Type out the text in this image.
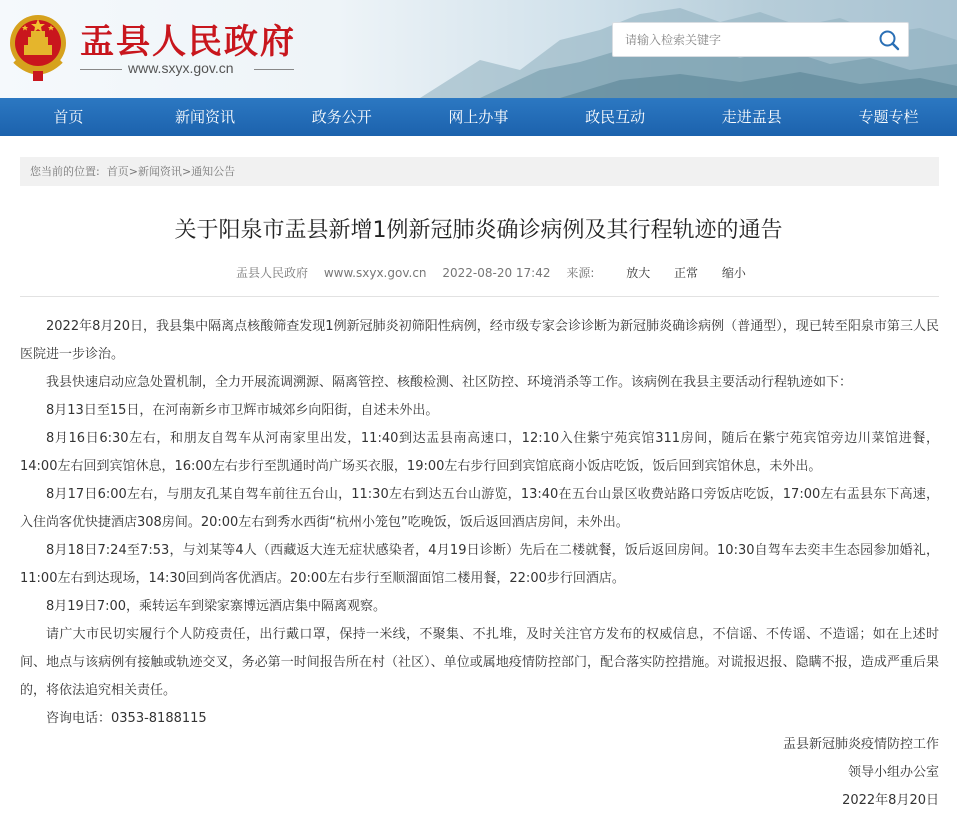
盂县人民政府
www.sxyx.gov.cn
请输入检索关键字
首页	新闻资讯	政务公开	网上办事	政民互动	走进盂县	专题专栏
您当前的位置: 首页>新闻资讯>通知公告
关于阳泉市盂县新增1例新冠肺炎确诊病例及其行程轨迹的通告
盂县人民政府 www.sxyx.gov.cn 2022-08-20 17:42 来源:	放大 正常 缩小

2022年8月20日，我县集中隔离点核酸筛查发现1例新冠肺炎初筛阳性病例，经市级专家会诊诊断为新冠肺炎确诊病例（普通型），现已转至阳泉市第三人民医院进一步诊治。

我县快速启动应急处置机制，全力开展流调溯源、隔离管控、核酸检测、社区防控、环境消杀等工作。该病例在我县主要活动行程轨迹如下：

8月13日至15日，在河南新乡市卫辉市城郊乡向阳街，自述未外出。

8月16日6:30左右，和朋友自驾车从河南家里出发，11:40到达盂县南高速口，12:10入住紫宁苑宾馆311房间，随后在紫宁苑宾馆旁边川菜馆进餐，14:00左右回到宾馆休息，16:00左右步行至凯通时尚广场买衣服，19:00左右步行回到宾馆底商小饭店吃饭，饭后回到宾馆休息，未外出。

8月17日6:00左右，与朋友孔某自驾车前往五台山，11:30左右到达五台山游览，13:40在五台山景区收费站路口旁饭店吃饭，17:00左右盂县东下高速，入住尚客优快捷酒店308房间。20:00左右到秀水西街“杭州小笼包”吃晚饭，饭后返回酒店房间，未外出。

8月18日7:24至7:53，与刘某等4人（西藏返大连无症状感染者，4月19日诊断）先后在二楼就餐，饭后返回房间。10:30自驾车去奕丰生态园参加婚礼，11:00左右到达现场，14:30回到尚客优酒店。20:00左右步行至顺溜面馆二楼用餐，22:00步行回酒店。

8月19日7:00，乘转运车到梁家寨博远酒店集中隔离观察。

请广大市民切实履行个人防疫责任，出行戴口罩，保持一米线，不聚集、不扎堆，及时关注官方发布的权威信息，不信谣、不传谣、不造谣；如在上述时间、地点与该病例有接触或轨迹交叉，务必第一时间报告所在村（社区）、单位或属地疫情防控部门，配合落实防控措施。对谎报迟报、隐瞒不报，造成严重后果的，将依法追究相关责任。

咨询电话：0353-8188115

盂县新冠肺炎疫情防控工作
领导小组办公室
2022年8月20日
